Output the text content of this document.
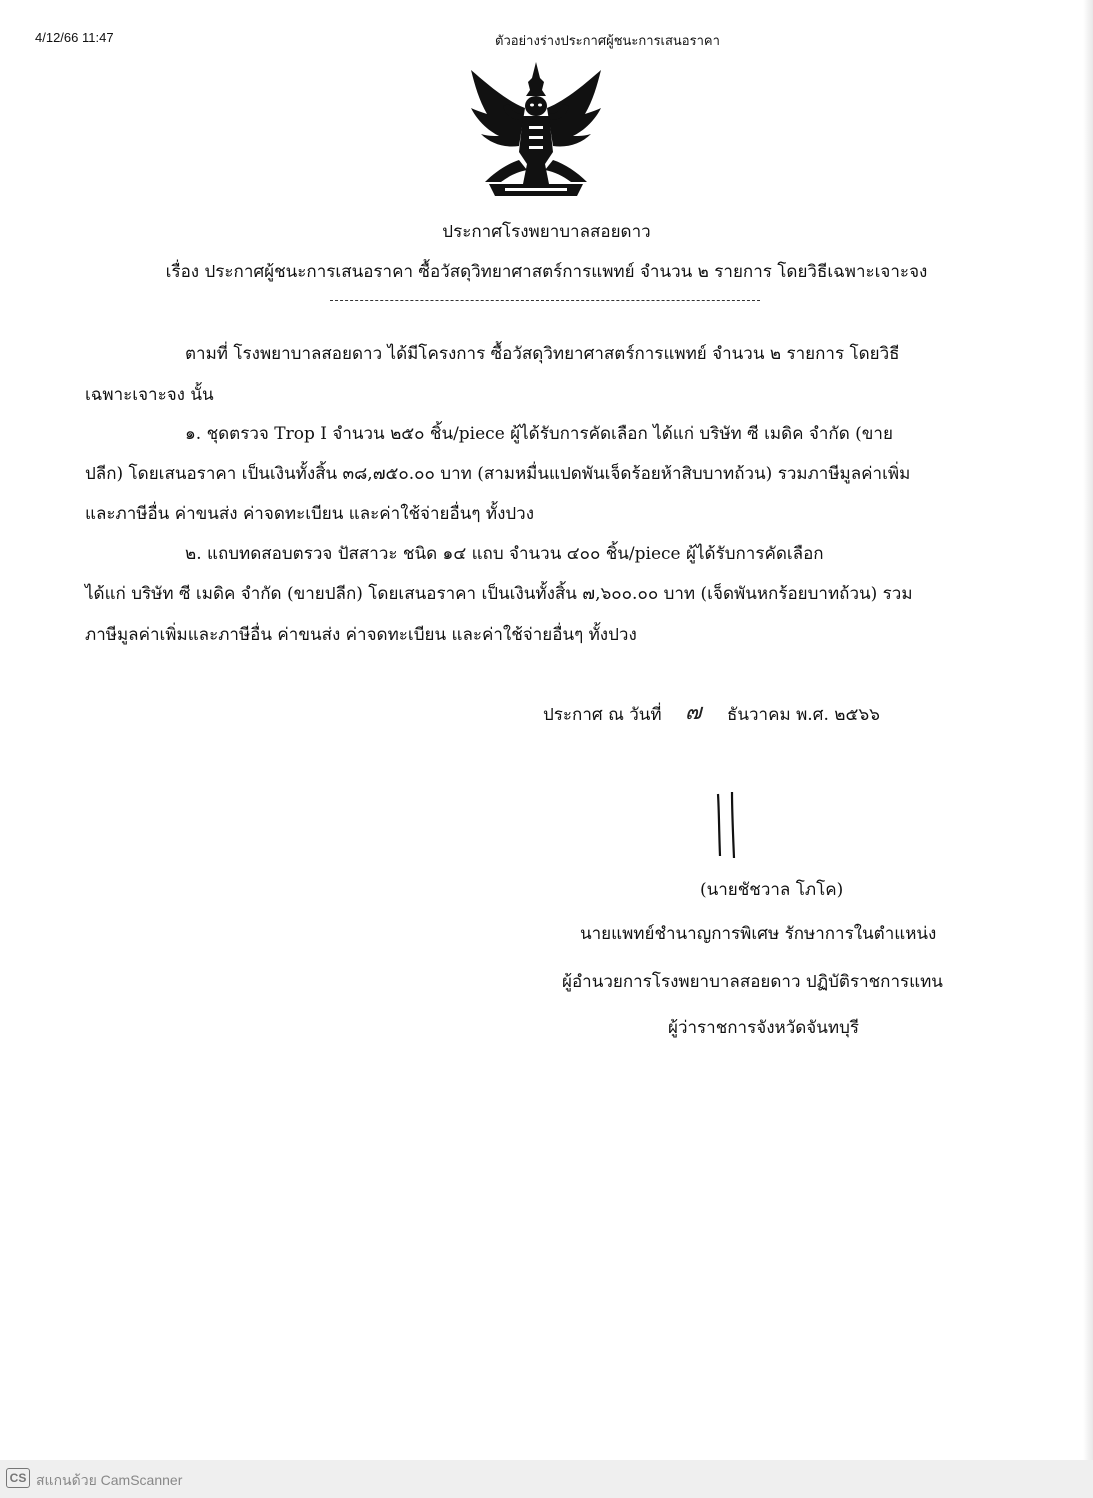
4/12/66 11:47	ตัวอย่างร่างประกาศผู้ชนะการเสนอราคา
ประกาศโรงพยาบาลสอยดาว
เรื่อง ประกาศผู้ชนะการเสนอราคา ซื้อวัสดุวิทยาศาสตร์การแพทย์ จำนวน ๒ รายการ โดยวิธีเฉพาะเจาะจง
ตามที่ โรงพยาบาลสอยดาว ได้มีโครงการ ซื้อวัสดุวิทยาศาสตร์การแพทย์ จำนวน ๒ รายการ โดยวิธี
เฉพาะเจาะจง นั้น
๑. ชุดตรวจ Trop I จำนวน ๒๕๐ ชิ้น/piece ผู้ได้รับการคัดเลือก ได้แก่ บริษัท ซี เมดิค จำกัด (ขาย
ปลีก) โดยเสนอราคา เป็นเงินทั้งสิ้น ๓๘,๗๕๐.๐๐ บาท (สามหมื่นแปดพันเจ็ดร้อยห้าสิบบาทถ้วน) รวมภาษีมูลค่าเพิ่ม
และภาษีอื่น ค่าขนส่ง ค่าจดทะเบียน และค่าใช้จ่ายอื่นๆ ทั้งปวง
๒. แถบทดสอบตรวจ ปัสสาวะ ชนิด ๑๔ แถบ จำนวน ๔๐๐ ชิ้น/piece ผู้ได้รับการคัดเลือก
ได้แก่ บริษัท ซี เมดิค จำกัด (ขายปลีก) โดยเสนอราคา เป็นเงินทั้งสิ้น ๗,๖๐๐.๐๐ บาท (เจ็ดพันหกร้อยบาทถ้วน) รวม
ภาษีมูลค่าเพิ่มและภาษีอื่น ค่าขนส่ง ค่าจดทะเบียน และค่าใช้จ่ายอื่นๆ ทั้งปวง
ประกาศ ณ วันที่ ๗ ธันวาคม พ.ศ. ๒๕๖๖
(นายชัชวาล โภโค)
นายแพทย์ชำนาญการพิเศษ รักษาการในตำแหน่ง
ผู้อำนวยการโรงพยาบาลสอยดาว ปฏิบัติราชการแทน
ผู้ว่าราชการจังหวัดจันทบุรี
CS สแกนด้วย CamScanner
